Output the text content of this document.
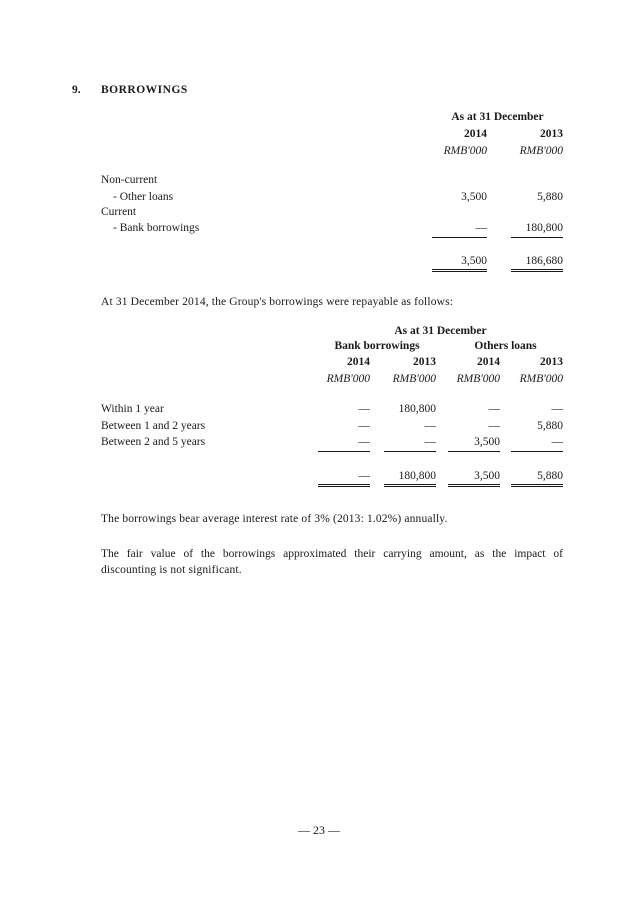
9. BORROWINGS
As at 31 December
2014	2013
RMB'000	RMB'000
Non-current
- Other loans	3,500	5,880
Current
- Bank borrowings	—	180,800
3,500	186,680
At 31 December 2014, the Group's borrowings were repayable as follows:
As at 31 December
Bank borrowings	Others loans
2014	2013	2014	2013
RMB'000	RMB'000	RMB'000	RMB'000
Within 1 year	—	180,800	—	—
Between 1 and 2 years	—	—	—	5,880
Between 2 and 5 years	—	—	3,500	—
—	180,800	3,500	5,880
The borrowings bear average interest rate of 3% (2013: 1.02%) annually.
The fair value of the borrowings approximated their carrying amount, as the impact of
discounting is not significant.
— 23 —
